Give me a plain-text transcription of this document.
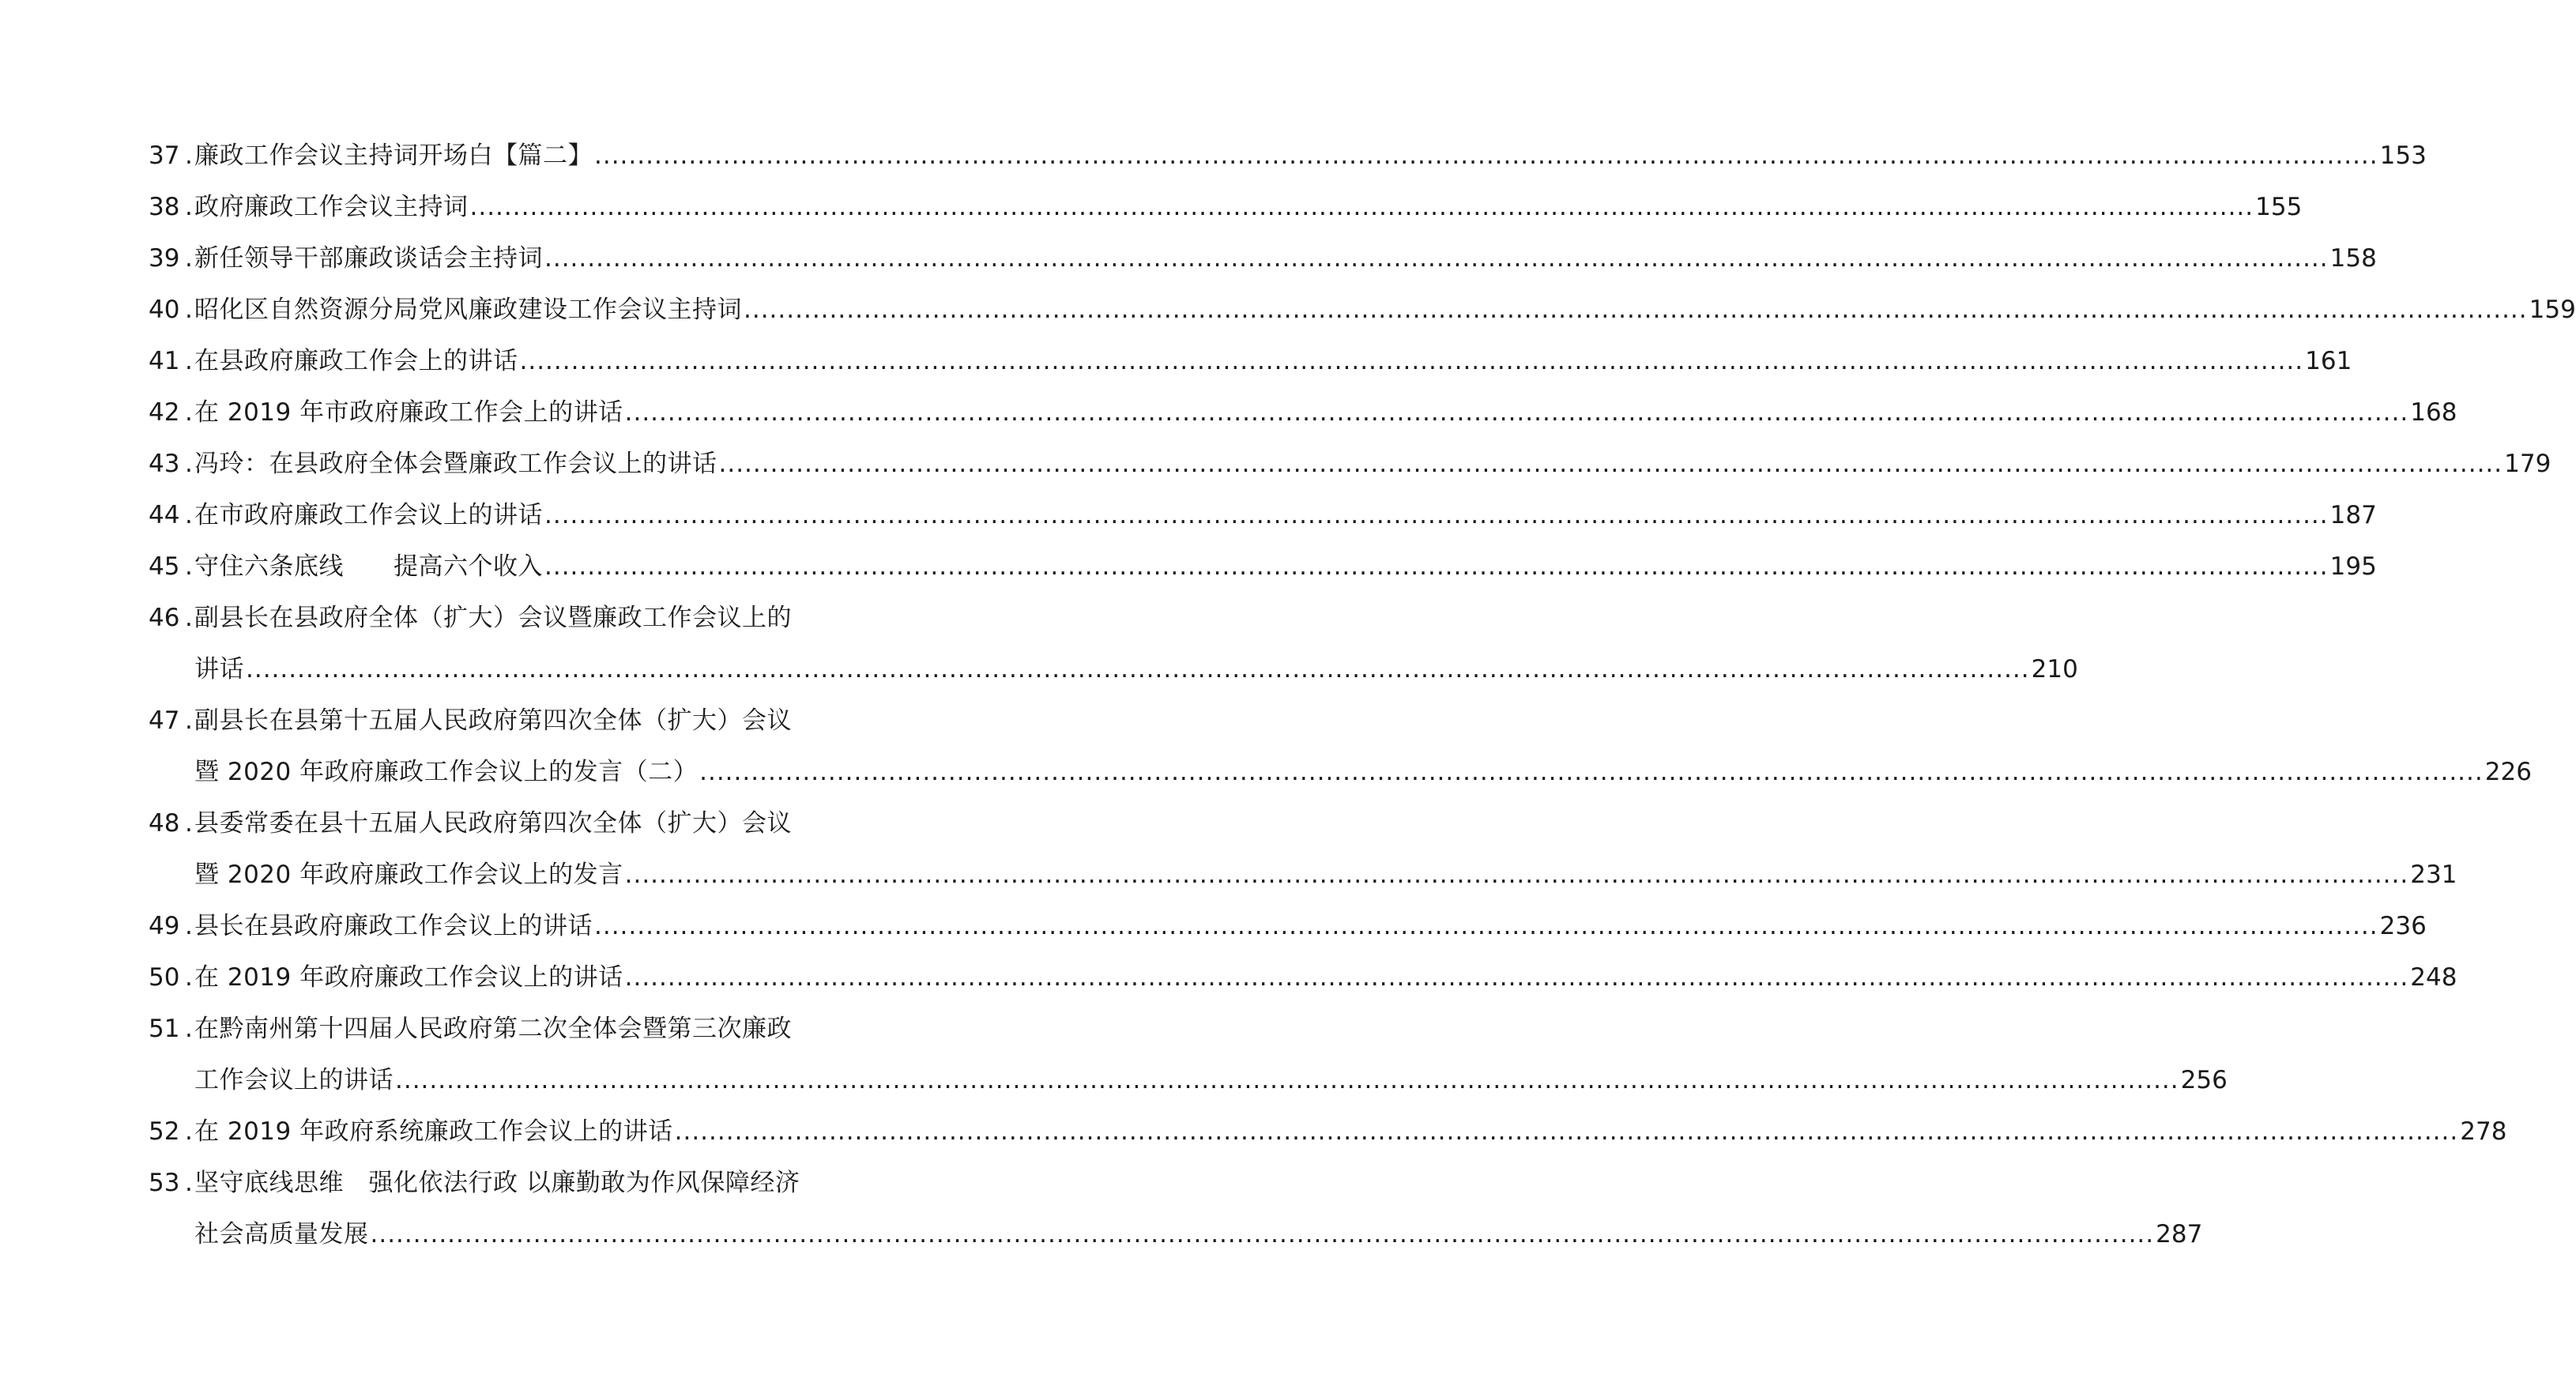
37 . 廉政工作会议主持词开场白【篇二】 .....	153
38 . 政府廉政工作会议主持词 .....	155
39 . 新任领导干部廉政谈话会主持词 .....	158
40 . 昭化区自然资源分局党风廉政建设工作会议主持词 .....	159
41 . 在县政府廉政工作会上的讲话 .....	161
42 . 在 2019 年市政府廉政工作会上的讲话 .....	168
43 . 冯玲：在县政府全体会暨廉政工作会议上的讲话 .....	179
44 . 在市政府廉政工作会议上的讲话 .....	187
45 . 守住六条底线　　提高六个收入 .....	195
46 . 副县长在县政府全体（扩大）会议暨廉政工作会议上的
讲话 .....	210
47 . 副县长在县第十五届人民政府第四次全体（扩大）会议
暨 2020 年政府廉政工作会议上的发言（二） .....	226
48 . 县委常委在县十五届人民政府第四次全体（扩大）会议
暨 2020 年政府廉政工作会议上的发言 .....	231
49 . 县长在县政府廉政工作会议上的讲话 .....	236
50 . 在 2019 年政府廉政工作会议上的讲话 .....	248
51 . 在黔南州第十四届人民政府第二次全体会暨第三次廉政
工作会议上的讲话 .....	256
52 . 在 2019 年政府系统廉政工作会议上的讲话 .....	278
53 . 坚守底线思维　强化依法行政 以廉勤敢为作风保障经济
社会高质量发展 .....	287
